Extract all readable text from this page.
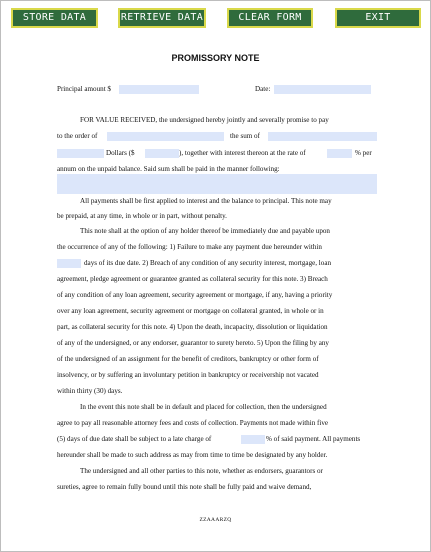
STORE DATA	RETRIEVE DATA	CLEAR FORM	EXIT
PROMISSORY NOTE
Principal amount $	Date:
FOR VALUE RECEIVED, the undersigned hereby jointly and severally promise to pay
to the order of	the sum of
Dollars ($	), together with interest thereon at the rate of	% per
annum on the unpaid balance. Said sum shall be paid in the manner following:
All payments shall be first applied to interest and the balance to principal. This note may
be prepaid, at any time, in whole or in part, without penalty.
This note shall at the option of any holder thereof be immediately due and payable upon
the occurrence of any of the following: 1) Failure to make any payment due hereunder within
days of its due date. 2) Breach of any condition of any security interest, mortgage, loan
agreement, pledge agreement or guarantee granted as collateral security for this note. 3) Breach
of any condition of any loan agreement, security agreement or mortgage, if any, having a priority
over any loan agreement, security agreement or mortgage on collateral granted, in whole or in
part, as collateral security for this note. 4) Upon the death, incapacity, dissolution or liquidation
of any of the undersigned, or any endorser, guarantor to surety hereto. 5) Upon the filing by any
of the undersigned of an assignment for the benefit of creditors, bankruptcy or other form of
insolvency, or by suffering an involuntary petition in bankruptcy or receivership not vacated
within thirty (30) days.
In the event this note shall be in default and placed for collection, then the undersigned
agree to pay all reasonable attorney fees and costs of collection. Payments not made within five
(5) days of due date shall be subject to a late charge of	% of said payment. All payments
hereunder shall be made to such address as may from time to time be designated by any holder.
The undersigned and all other parties to this note, whether as endorsers, guarantors or
sureties, agree to remain fully bound until this note shall be fully paid and waive demand,
ZZAAARZQ
